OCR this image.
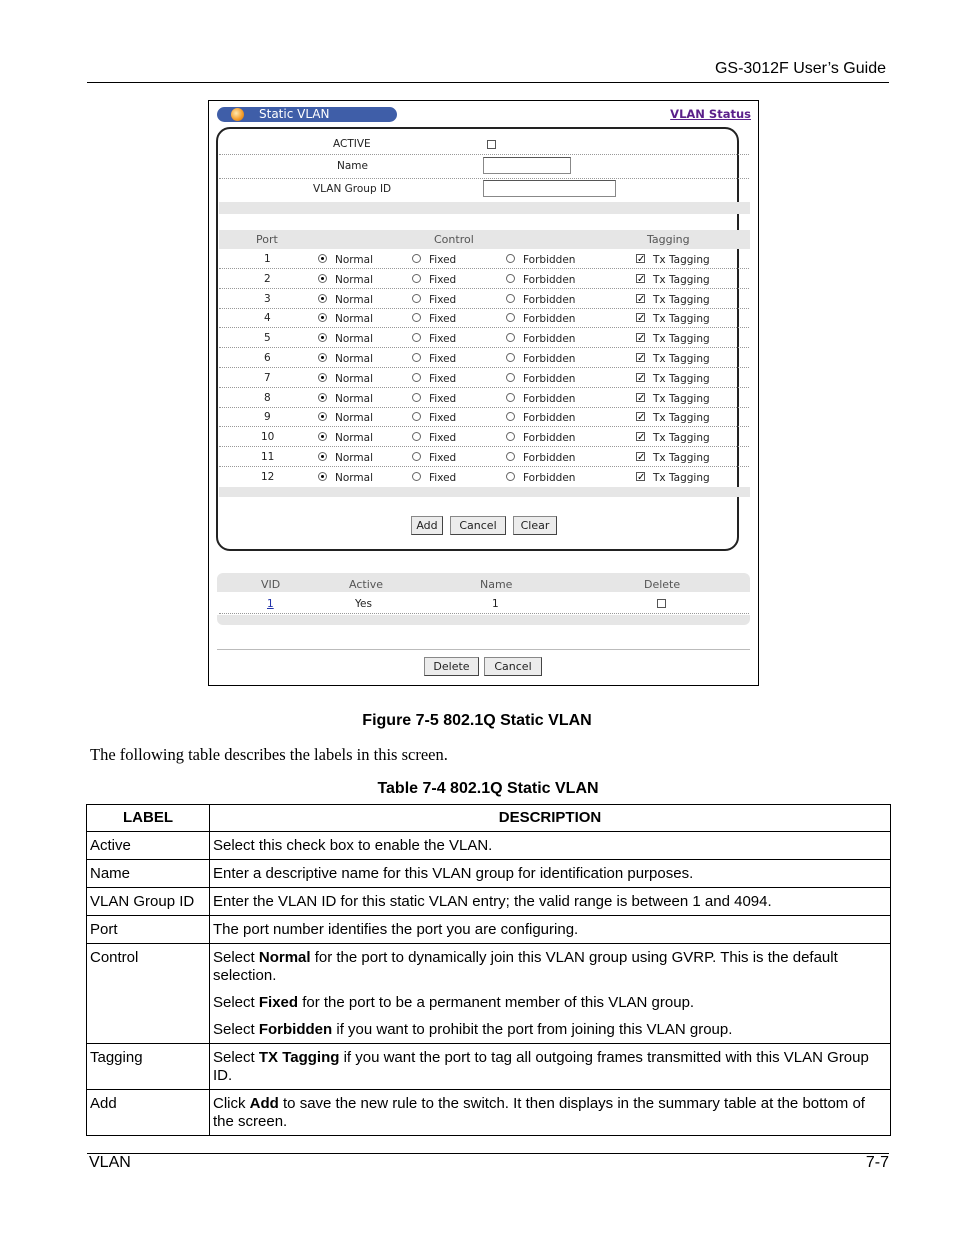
GS-3012F User’s Guide
Static VLAN	VLAN Status
ACTIVE
Name
VLAN Group ID
Port	Control	Tagging
1	Normal	Fixed	Forbidden	✓ Tx Tagging
2	Normal	Fixed	Forbidden	✓ Tx Tagging
3	Normal	Fixed	Forbidden	✓ Tx Tagging
4	Normal	Fixed	Forbidden	✓ Tx Tagging
5	Normal	Fixed	Forbidden	✓ Tx Tagging
6	Normal	Fixed	Forbidden	✓ Tx Tagging
7	Normal	Fixed	Forbidden	✓ Tx Tagging
8	Normal	Fixed	Forbidden	✓ Tx Tagging
9	Normal	Fixed	Forbidden	✓ Tx Tagging
10	Normal	Fixed	Forbidden	✓ Tx Tagging
11	Normal	Fixed	Forbidden	✓ Tx Tagging
12	Normal	Fixed	Forbidden	✓ Tx Tagging
Add	Cancel	Clear
VID	Active	Name	Delete
1	Yes	1
Delete	Cancel
Figure 7-5 802.1Q Static VLAN
The following table describes the labels in this screen.
Table 7-4 802.1Q Static VLAN
LABEL	DESCRIPTION
Active	Select this check box to enable the VLAN.
Name	Enter a descriptive name for this VLAN group for identification purposes.
VLAN Group ID	Enter the VLAN ID for this static VLAN entry; the valid range is between 1 and 4094.
Port	The port number identifies the port you are configuring.
Control	Select Normal for the port to dynamically join this VLAN group using GVRP. This is the default selection.

Select Fixed for the port to be a permanent member of this VLAN group.

Select Forbidden if you want to prohibit the port from joining this VLAN group.

Tagging	Select TX Tagging if you want the port to tag all outgoing frames transmitted with this VLAN Group ID.
Add	Click Add to save the new rule to the switch. It then displays in the summary table at the bottom of the screen.
VLAN	7-7
